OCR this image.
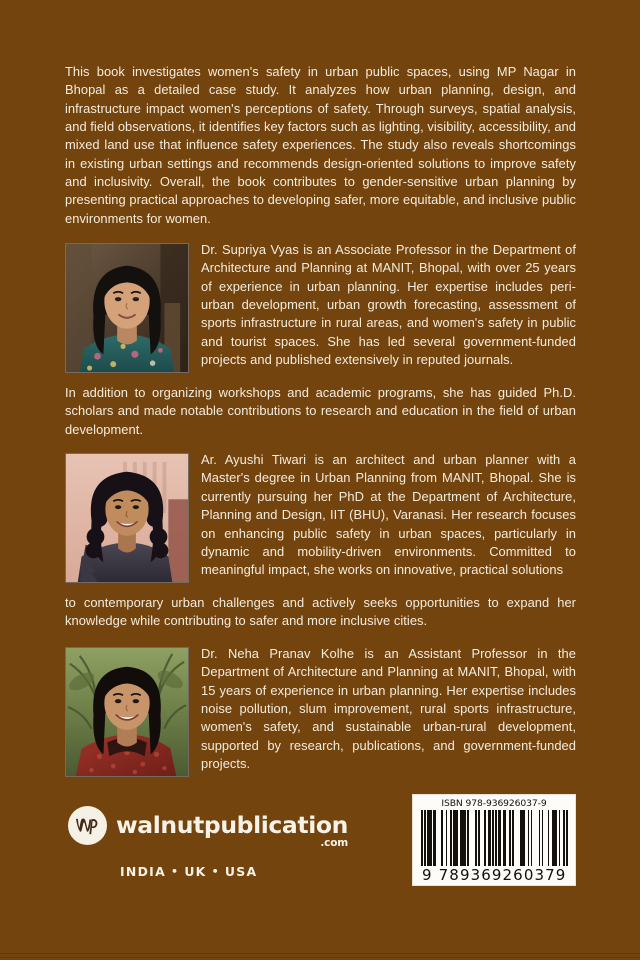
This book investigates women's safety in urban public spaces, using MP Nagar in Bhopal as a detailed case study. It analyzes how urban planning, design, and infrastructure impact women's perceptions of safety. Through surveys, spatial analysis, and field observations, it identifies key factors such as lighting, visibility, accessibility, and mixed land use that influence safety experiences. The study also reveals shortcomings in existing urban settings and recommends design-oriented solutions to improve safety and inclusivity. Overall, the book contributes to gender-sensitive urban planning by presenting practical approaches to developing safer, more equitable, and inclusive public environments for women.

Dr. Supriya Vyas is an Associate Professor in the Department of Architecture and Planning at MANIT, Bhopal, with over 25 years of experience in urban planning. Her expertise includes peri-urban development, urban growth forecasting, assessment of sports infrastructure in rural areas, and women's safety in public and tourist spaces. She has led several government-funded projects and published extensively in reputed journals.

In addition to organizing workshops and academic programs, she has guided Ph.D. scholars and made notable contributions to research and education in the field of urban development.

Ar. Ayushi Tiwari is an architect and urban planner with a Master's degree in Urban Planning from MANIT, Bhopal. She is currently pursuing her PhD at the Department of Architecture, Planning and Design, IIT (BHU), Varanasi. Her research focuses on enhancing public safety in urban spaces, particularly in dynamic and mobility-driven environments. Committed to meaningful impact, she works on innovative, practical solutions

to contemporary urban challenges and actively seeks opportunities to expand her knowledge while contributing to safer and more inclusive cities.

Dr. Neha Pranav Kolhe is an Assistant Professor in the Department of Architecture and Planning at MANIT, Bhopal, with 15 years of experience in urban planning. Her expertise includes noise pollution, slum improvement, rural sports infrastructure, women's safety, and sustainable urban-rural development, supported by research, publications, and government-funded projects.

walnutpublication
.com
INDIA • UK • USA
ISBN 978-936926037-9
9 789369 260379
